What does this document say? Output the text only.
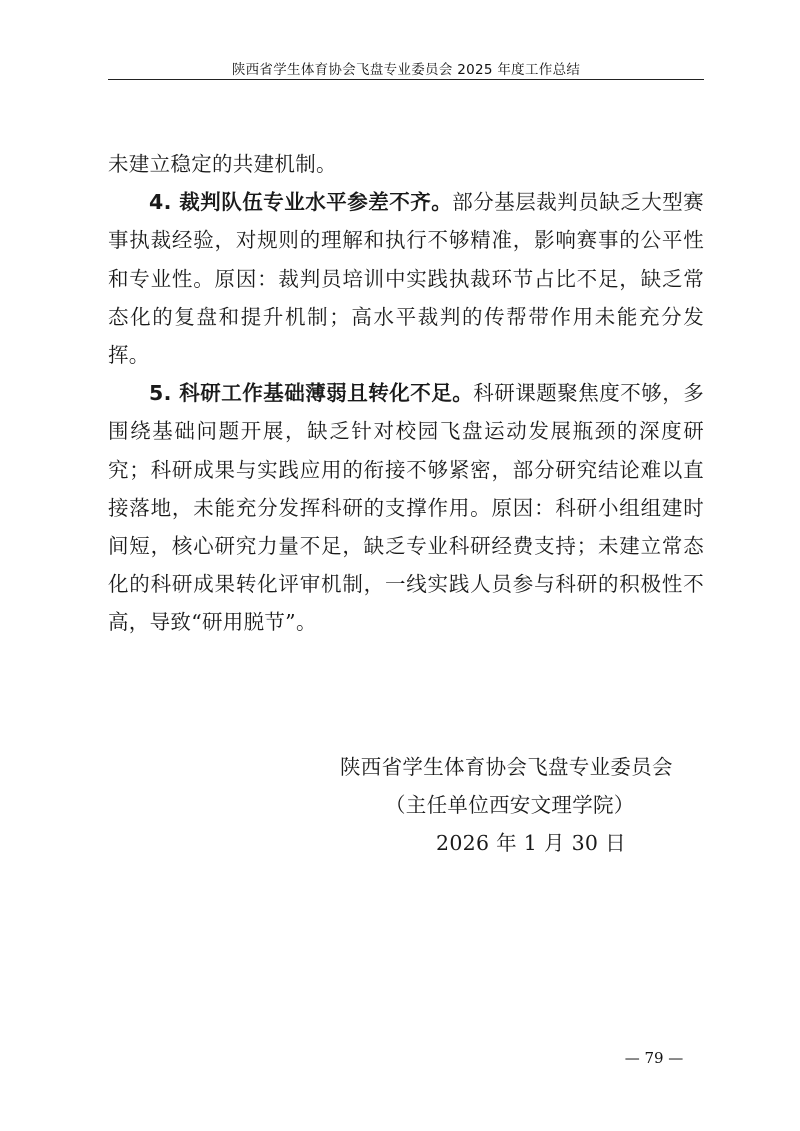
陕西省学生体育协会飞盘专业委员会 2025 年度工作总结

未建立稳定的共建机制。

4. 裁判队伍专业水平参差不齐。部分基层裁判员缺乏大型赛事执裁经验，对规则的理解和执行不够精准，影响赛事的公平性和专业性。原因：裁判员培训中实践执裁环节占比不足，缺乏常态化的复盘和提升机制；高水平裁判的传帮带作用未能充分发挥。

5. 科研工作基础薄弱且转化不足。科研课题聚焦度不够，多围绕基础问题开展，缺乏针对校园飞盘运动发展瓶颈的深度研究；科研成果与实践应用的衔接不够紧密，部分研究结论难以直接落地，未能充分发挥科研的支撑作用。原因：科研小组组建时间短，核心研究力量不足，缺乏专业科研经费支持；未建立常态化的科研成果转化评审机制，一线实践人员参与科研的积极性不高，导致“研用脱节”。

陕西省学生体育协会飞盘专业委员会
（主任单位西安文理学院）
2026 年 1 月 30 日
— 79 —
